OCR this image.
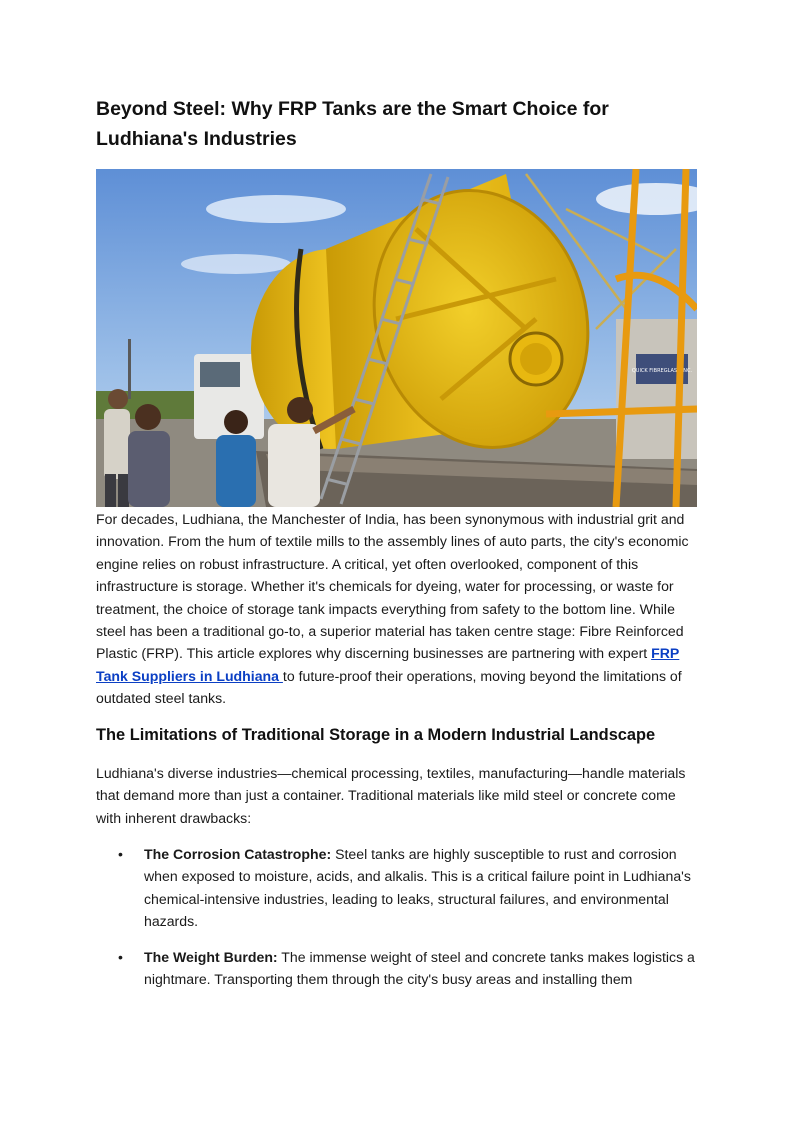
Beyond Steel: Why FRP Tanks are the Smart Choice for Ludhiana's Industries
QUICK FIBREGLASS INC.

For decades, Ludhiana, the Manchester of India, has been synonymous with industrial grit and innovation. From the hum of textile mills to the assembly lines of auto parts, the city's economic engine relies on robust infrastructure. A critical, yet often overlooked, component of this infrastructure is storage. Whether it's chemicals for dyeing, water for processing, or waste for treatment, the choice of storage tank impacts everything from safety to the bottom line. While steel has been a traditional go-to, a superior material has taken centre stage: Fibre Reinforced Plastic (FRP). This article explores why discerning businesses are partnering with expert FRP Tank Suppliers in Ludhiana to future-proof their operations, moving beyond the limitations of outdated steel tanks.

The Limitations of Traditional Storage in a Modern Industrial Landscape

Ludhiana's diverse industries—chemical processing, textiles, manufacturing—handle materials that demand more than just a container. Traditional materials like mild steel or concrete come with inherent drawbacks:

• The Corrosion Catastrophe: Steel tanks are highly susceptible to rust and corrosion when exposed to moisture, acids, and alkalis. This is a critical failure point in Ludhiana's chemical-intensive industries, leading to leaks, structural failures, and environmental hazards.
• The Weight Burden: The immense weight of steel and concrete tanks makes logistics a nightmare. Transporting them through the city's busy areas and installing them
